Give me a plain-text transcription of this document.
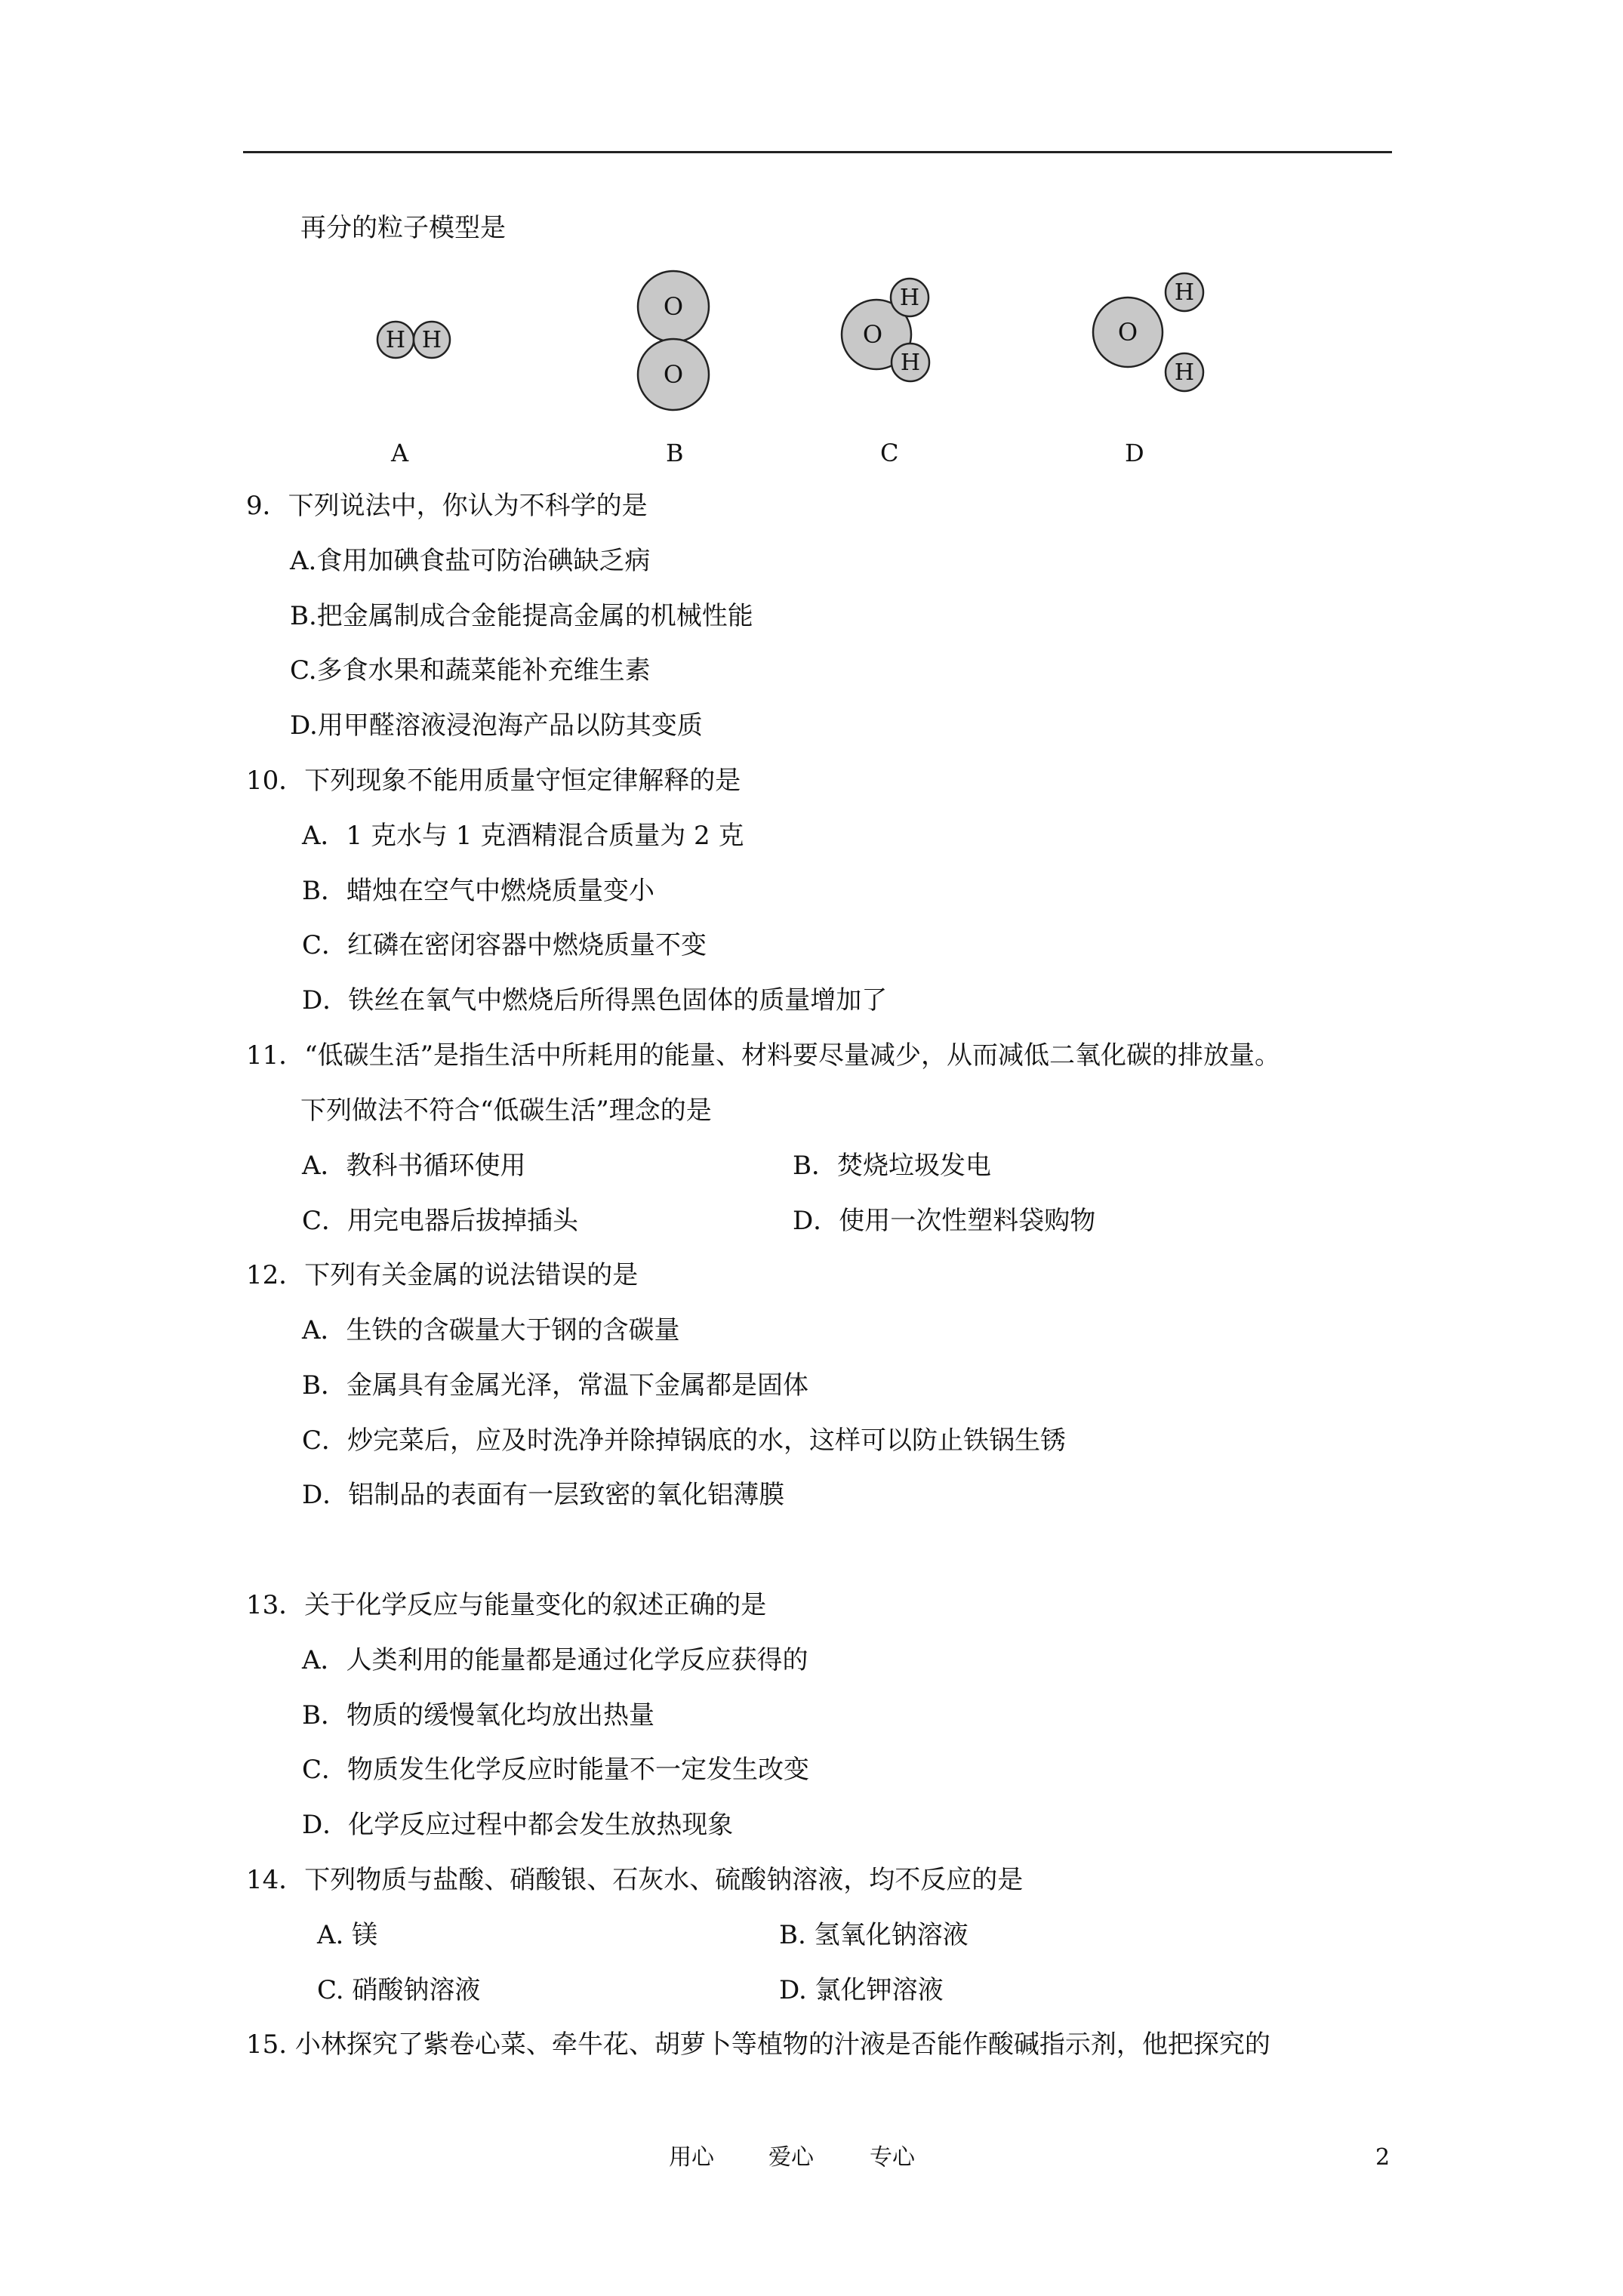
再分的粒子模型是
H H
O
O
O
H
H
O
H
H
A	B	C	D
9．下列说法中，你认为不科学的是
A.食用加碘食盐可防治碘缺乏病
B.把金属制成合金能提高金属的机械性能
C.多食水果和蔬菜能补充维生素
D.用甲醛溶液浸泡海产品以防其变质
10．下列现象不能用质量守恒定律解释的是
A．1 克水与 1 克酒精混合质量为 2 克
B．蜡烛在空气中燃烧质量变小
C．红磷在密闭容器中燃烧质量不变
D．铁丝在氧气中燃烧后所得黑色固体的质量增加了
11．“低碳生活”是指生活中所耗用的能量、材料要尽量减少，从而减低二氧化碳的排放量。
下列做法不符合“低碳生活”理念的是
A．教科书循环使用	B．焚烧垃圾发电
C．用完电器后拔掉插头	D．使用一次性塑料袋购物
12．下列有关金属的说法错误的是
A．生铁的含碳量大于钢的含碳量
B．金属具有金属光泽，常温下金属都是固体
C．炒完菜后，应及时洗净并除掉锅底的水，这样可以防止铁锅生锈
D．铝制品的表面有一层致密的氧化铝薄膜
13．关于化学反应与能量变化的叙述正确的是
A．人类利用的能量都是通过化学反应获得的
B．物质的缓慢氧化均放出热量
C．物质发生化学反应时能量不一定发生改变
D．化学反应过程中都会发生放热现象
14．下列物质与盐酸、硝酸银、石灰水、硫酸钠溶液，均不反应的是
A. 镁	B. 氢氧化钠溶液
C. 硝酸钠溶液	D. 氯化钾溶液
15. 小林探究了紫卷心菜、牵牛花、胡萝卜等植物的汁液是否能作酸碱指示剂，他把探究的
用心 爱心 专心	2
